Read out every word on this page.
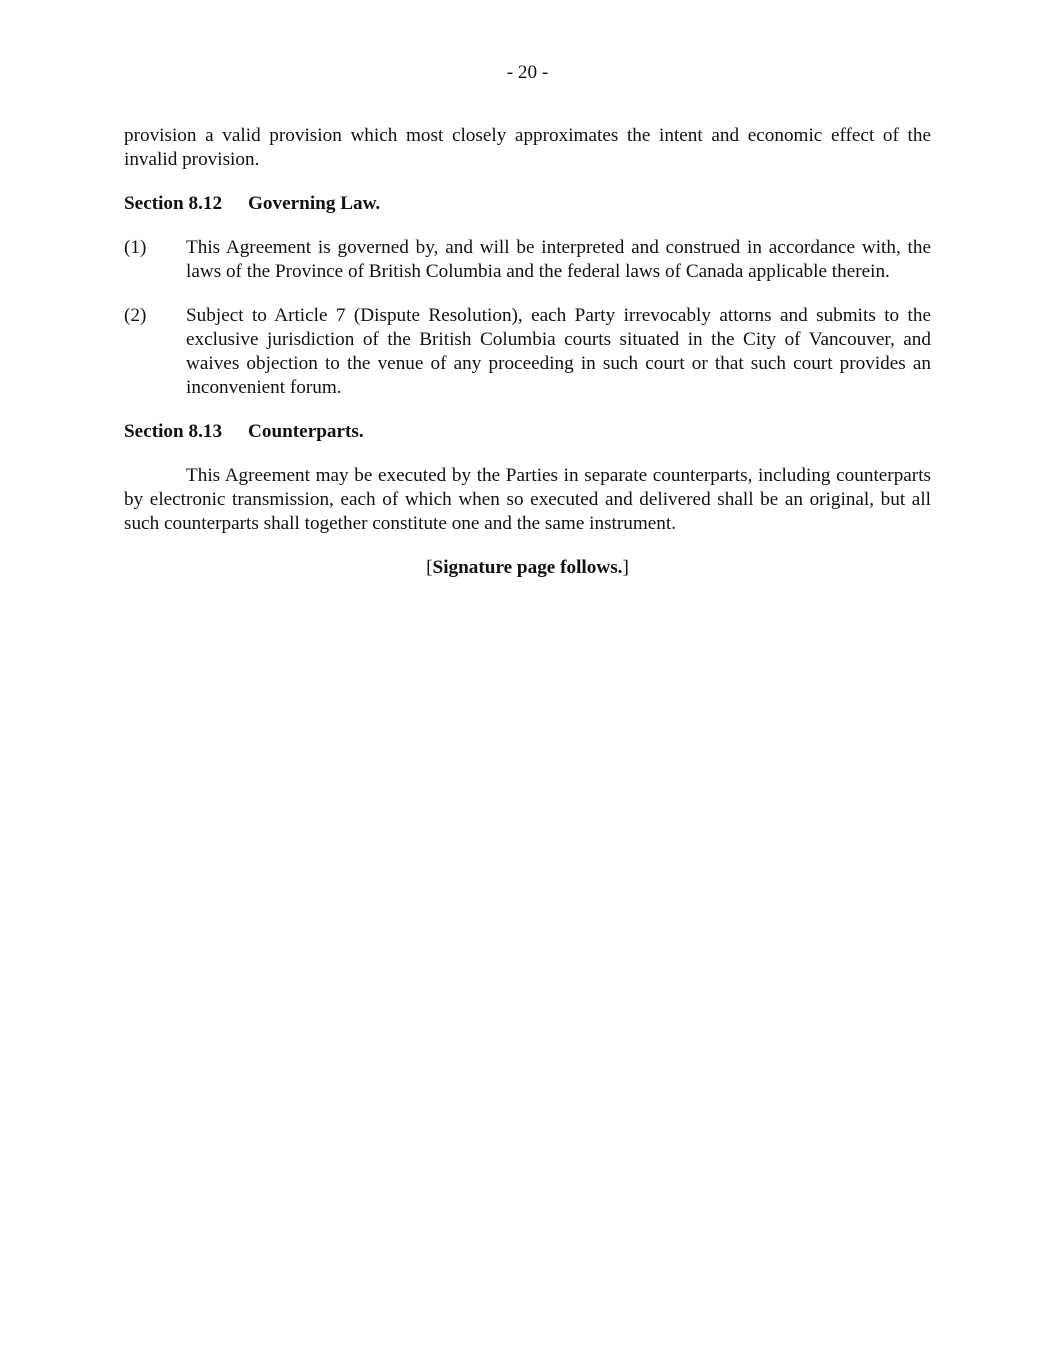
- 20 -

provision a valid provision which most closely approximates the intent and economic effect of the invalid provision.

Section 8.12	Governing Law.
(1)	This Agreement is governed by, and will be interpreted and construed in accordance with, the laws of the Province of British Columbia and the federal laws of Canada applicable therein.
(2)	Subject to Article 7 (Dispute Resolution), each Party irrevocably attorns and submits to the exclusive jurisdiction of the British Columbia courts situated in the City of Vancouver, and waives objection to the venue of any proceeding in such court or that such court provides an inconvenient forum.
Section 8.13	Counterparts.

This Agreement may be executed by the Parties in separate counterparts, including counterparts by electronic transmission, each of which when so executed and delivered shall be an original, but all such counterparts shall together constitute one and the same instrument.

[Signature page follows.]
